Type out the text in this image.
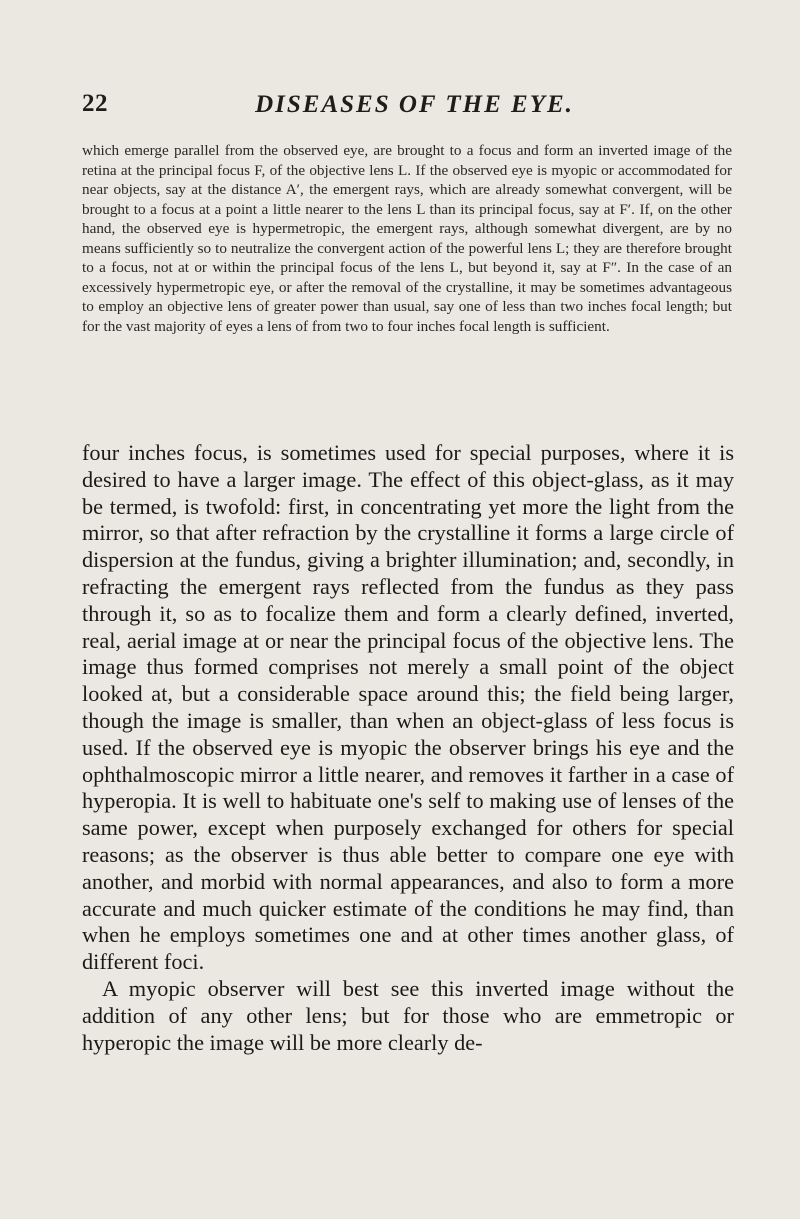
22	DISEASES OF THE EYE.
which emerge parallel from the observed eye, are brought to a focus and form an inverted image of the retina at the principal focus F, of the objective lens L. If the observed eye is myopic or accommodated for near objects, say at the distance A′, the emergent rays, which are already somewhat convergent, will be brought to a focus at a point a little nearer to the lens L than its principal focus, say at F′. If, on the other hand, the observed eye is hypermetropic, the emergent rays, although somewhat divergent, are by no means sufficiently so to neutralize the convergent action of the powerful lens L; they are therefore brought to a focus, not at or within the principal focus of the lens L, but beyond it, say at F″. In the case of an excessively hypermetropic eye, or after the removal of the crystalline, it may be sometimes advantageous to employ an objective lens of greater power than usual, say one of less than two inches focal length; but for the vast majority of eyes a lens of from two to four inches focal length is sufficient.

four inches focus, is sometimes used for special purposes, where it is desired to have a larger image. The effect of this object-glass, as it may be termed, is twofold: first, in concentrating yet more the light from the mirror, so that after refraction by the crystalline it forms a large circle of dispersion at the fundus, giving a brighter illumination; and, secondly, in refracting the emergent rays reflected from the fundus as they pass through it, so as to focalize them and form a clearly defined, inverted, real, aerial image at or near the principal focus of the objective lens. The image thus formed comprises not merely a small point of the object looked at, but a considerable space around this; the field being larger, though the image is smaller, than when an object-glass of less focus is used. If the observed eye is myopic the observer brings his eye and the ophthalmoscopic mirror a little nearer, and removes it farther in a case of hyperopia. It is well to habituate one's self to making use of lenses of the same power, except when purposely exchanged for others for special reasons; as the observer is thus able better to compare one eye with another, and morbid with normal appearances, and also to form a more accurate and much quicker estimate of the conditions he may find, than when he employs sometimes one and at other times another glass, of different foci.

A myopic observer will best see this inverted image without the addition of any other lens; but for those who are emmetropic or hyperopic the image will be more clearly de-
